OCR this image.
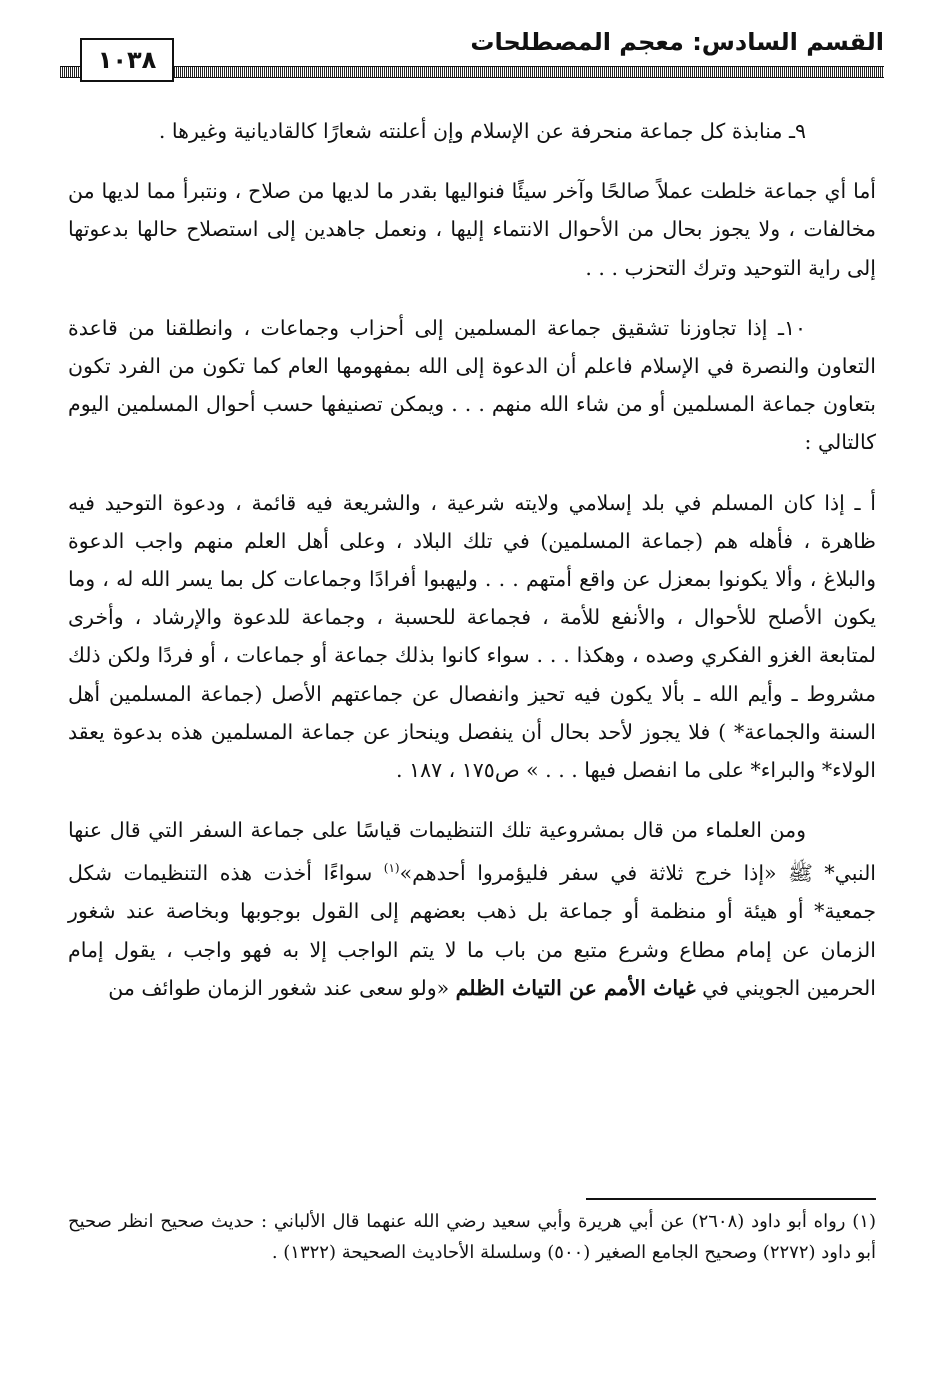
القسم السادس: معجم المصطلحات
١٠٣٨

٩ـ منابذة كل جماعة منحرفة عن الإسلام وإن أعلنته شعارًا كالقاديانية وغيرها .

أما أي جماعة خلطت عملاً صالحًا وآخر سيئًا فنواليها بقدر ما لديها من صلاح ، ونتبرأ مما لديها من مخالفات ، ولا يجوز بحال من الأحوال الانتماء إليها ، ونعمل جاهدين إلى استصلاح حالها بدعوتها إلى راية التوحيد وترك التحزب . . .

١٠ـ إذا تجاوزنا تشقيق جماعة المسلمين إلى أحزاب وجماعات ، وانطلقنا من قاعدة التعاون والنصرة في الإسلام فاعلم أن الدعوة إلى الله بمفهومها العام كما تكون من الفرد تكون بتعاون جماعة المسلمين أو من شاء الله منهم . . . ويمكن تصنيفها حسب أحوال المسلمين اليوم كالتالي :

أ ـ إذا كان المسلم في بلد إسلامي ولايته شرعية ، والشريعة فيه قائمة ، ودعوة التوحيد فيه ظاهرة ، فأهله هم (جماعة المسلمين) في تلك البلاد ، وعلى أهل العلم منهم واجب الدعوة والبلاغ ، وألا يكونوا بمعزل عن واقع أمتهم . . . وليهبوا أفرادًا وجماعات كل بما يسر الله له ، وما يكون الأصلح للأحوال ، والأنفع للأمة ، فجماعة للحسبة ، وجماعة للدعوة والإرشاد ، وأخرى لمتابعة الغزو الفكري وصده ، وهكذا . . . سواء كانوا بذلك جماعة أو جماعات ، أو فردًا ولكن ذلك مشروط ـ وأيم الله ـ بألا يكون فيه تحيز وانفصال عن جماعتهم الأصل (جماعة المسلمين أهل السنة والجماعة* ) فلا يجوز لأحد بحال أن ينفصل وينحاز عن جماعة المسلمين هذه بدعوة يعقد الولاء* والبراء* على ما انفصل فيها . . . » ص١٧٥ ، ١٨٧ .

ومن العلماء من قال بمشروعية تلك التنظيمات قياسًا على جماعة السفر التي قال عنها النبي* ﷺ «إذا خرج ثلاثة في سفر فليؤمروا أحدهم»$^{(١)}$ سواءًا أخذت هذه التنظيمات شكل جمعية* أو هيئة أو منظمة أو جماعة بل ذهب بعضهم إلى القول بوجوبها وبخاصة عند شغور الزمان عن إمام مطاع وشرع متبع من باب ما لا يتم الواجب إلا به فهو واجب ، يقول إمام الحرمين الجويني في غياث الأمم عن التياث الظلم «ولو سعى عند شغور الزمان طوائف من

(١) رواه أبو داود (٢٦٠٨) عن أبي هريرة وأبي سعيد رضي الله عنهما قال الألباني : حديث صحيح انظر صحيح أبو داود (٢٢٧٢) وصحيح الجامع الصغير (٥٠٠) وسلسلة الأحاديث الصحيحة (١٣٢٢) .
